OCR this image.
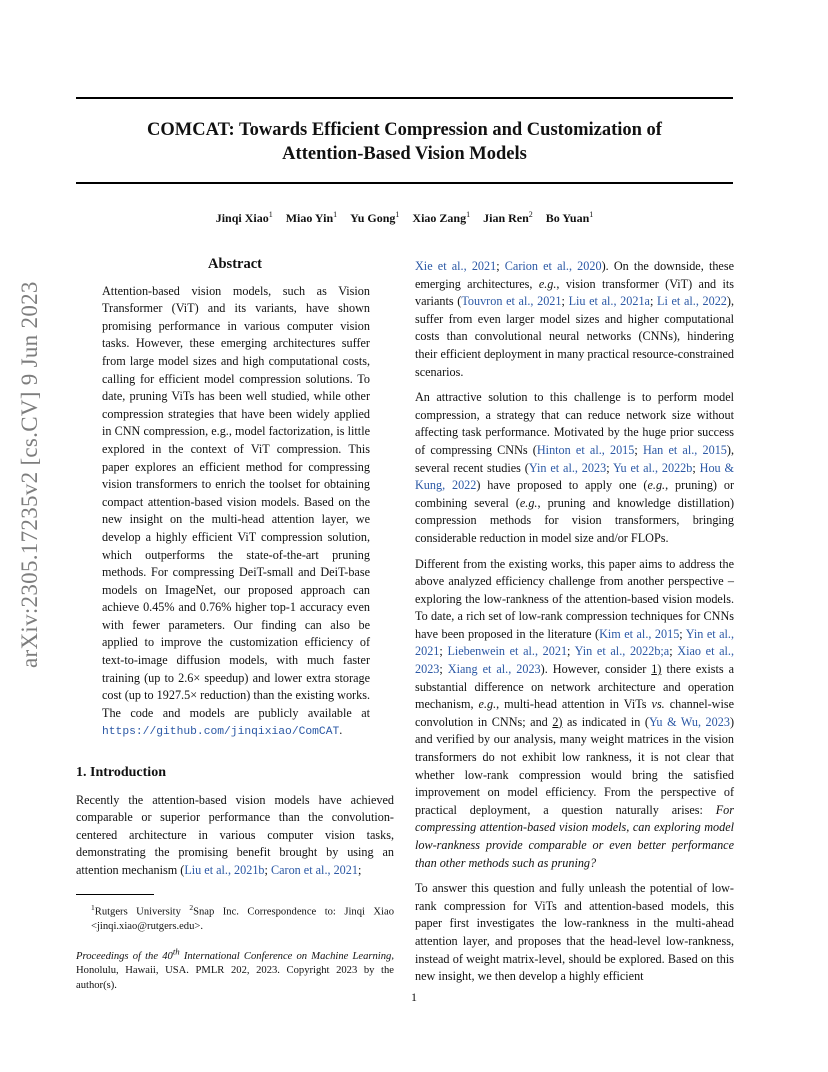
COMCAT: Towards Efficient Compression and Customization of
Attention-Based Vision Models
Jinqi Xiao$^1$ Miao Yin$^1$ Yu Gong$^1$ Xiao Zang$^1$ Jian Ren$^2$ Bo Yuan$^1$
arXiv:2305.17235v2 [cs.CV] 9 Jun 2023
Abstract

Attention-based vision models, such as Vision Transformer (ViT) and its variants, have shown promising performance in various computer vision tasks. However, these emerging architectures suffer from large model sizes and high computational costs, calling for efficient model compression solutions. To date, pruning ViTs has been well studied, while other compression strategies that have been widely applied in CNN compression, e.g., model factorization, is little explored in the context of ViT compression. This paper explores an efficient method for compressing vision transformers to enrich the toolset for obtaining compact attention-based vision models. Based on the new insight on the multi-head attention layer, we develop a highly efficient ViT compression solution, which outperforms the state-of-the-art pruning methods. For compressing DeiT-small and DeiT-base models on ImageNet, our proposed approach can achieve 0.45% and 0.76% higher top-1 accuracy even with fewer parameters. Our finding can also be applied to improve the customization efficiency of text-to-image diffusion models, with much faster training (up to 2.6× speedup) and lower extra storage cost (up to 1927.5× reduction) than the existing works. The code and models are publicly available at https://github.com/jinqixiao/ComCAT.

1. Introduction

Recently the attention-based vision models have achieved comparable or superior performance than the convolution-centered architecture in various computer vision tasks, demonstrating the promising benefit brought by using an attention mechanism (Liu et al., 2021b; Caron et al., 2021;

$^1$Rutgers University $^2$Snap Inc. Correspondence to: Jinqi Xiao <jinqi.xiao@rutgers.edu>.

Proceedings of the 40th International Conference on Machine Learning, Honolulu, Hawaii, USA. PMLR 202, 2023. Copyright 2023 by the author(s).

Xie et al., 2021; Carion et al., 2020). On the downside, these emerging architectures, e.g., vision transformer (ViT) and its variants (Touvron et al., 2021; Liu et al., 2021a; Li et al., 2022), suffer from even larger model sizes and higher computational costs than convolutional neural networks (CNNs), hindering their efficient deployment in many practical resource-constrained scenarios.

An attractive solution to this challenge is to perform model compression, a strategy that can reduce network size without affecting task performance. Motivated by the huge prior success of compressing CNNs (Hinton et al., 2015; Han et al., 2015), several recent studies (Yin et al., 2023; Yu et al., 2022b; Hou & Kung, 2022) have proposed to apply one (e.g., pruning) or combining several (e.g., pruning and knowledge distillation) compression methods for vision transformers, bringing considerable reduction in model size and/or FLOPs.

Different from the existing works, this paper aims to address the above analyzed efficiency challenge from another perspective – exploring the low-rankness of the attention-based vision models. To date, a rich set of low-rank compression techniques for CNNs have been proposed in the literature (Kim et al., 2015; Yin et al., 2021; Liebenwein et al., 2021; Yin et al., 2022b;a; Xiao et al., 2023; Xiang et al., 2023). However, consider 1) there exists a substantial difference on network architecture and operation mechanism, e.g., multi-head attention in ViTs vs. channel-wise convolution in CNNs; and 2) as indicated in (Yu & Wu, 2023) and verified by our analysis, many weight matrices in the vision transformers do not exhibit low rankness, it is not clear that whether low-rank compression would bring the satisfied improvement on model efficiency. From the perspective of practical deployment, a question naturally arises: For compressing attention-based vision models, can exploring model low-rankness provide comparable or even better performance than other methods such as pruning?

To answer this question and fully unleash the potential of low-rank compression for ViTs and attention-based models, this paper first investigates the low-rankness in the multi-ahead attention layer, and proposes that the head-level low-rankness, instead of weight matrix-level, should be explored. Based on this new insight, we then develop a highly efficient

1
